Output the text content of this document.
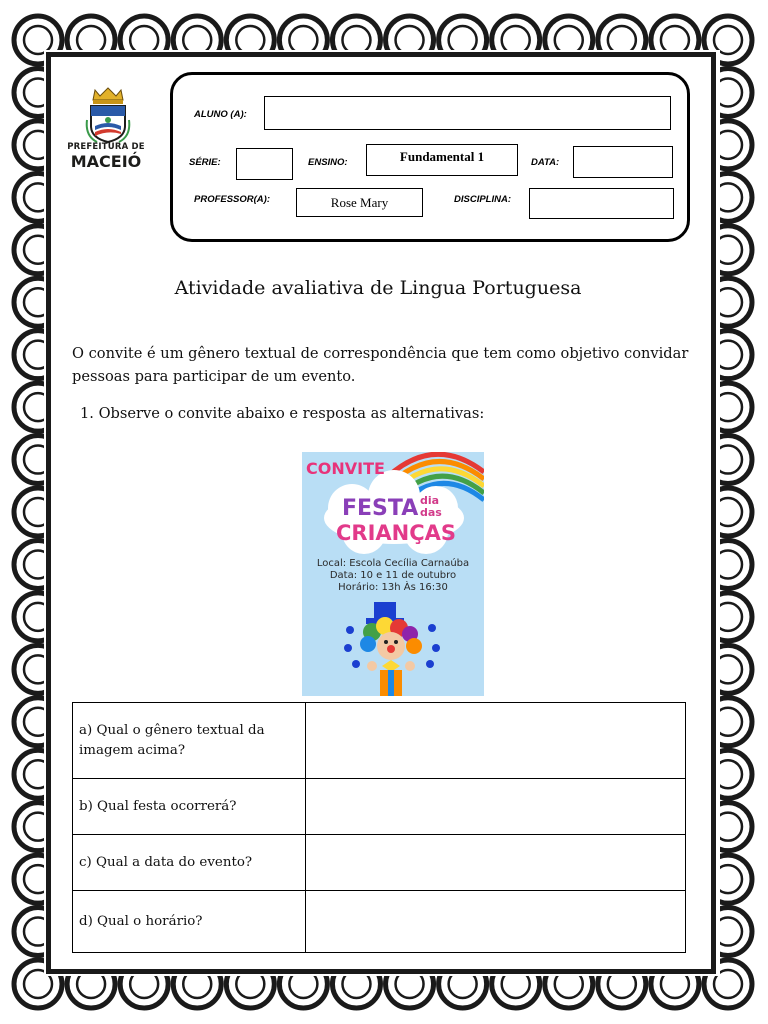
PREFEITURA DE
MACEIÓ
ALUNO (A):
SÉRIE:	ENSINO:	Fundamental 1	DATA:
PROFESSOR(A):	Rose Mary	DISCIPLINA:
Atividade avaliativa de Lingua Portuguesa
O convite é um gênero textual de correspondência que tem como objetivo convidar pessoas para participar de um evento.
1. Observe o convite abaixo e resposta as alternativas:
CONVITE
FESTA dia
das
CRIANÇAS
Local: Escola Cecília Carnaúba
Data: 10 e 11 de outubro
Horário: 13h Às 16:30
a) Qual o gênero textual da imagem acima?	
b) Qual festa ocorrerá?	
c) Qual a data do evento?	
d) Qual o horário?	
